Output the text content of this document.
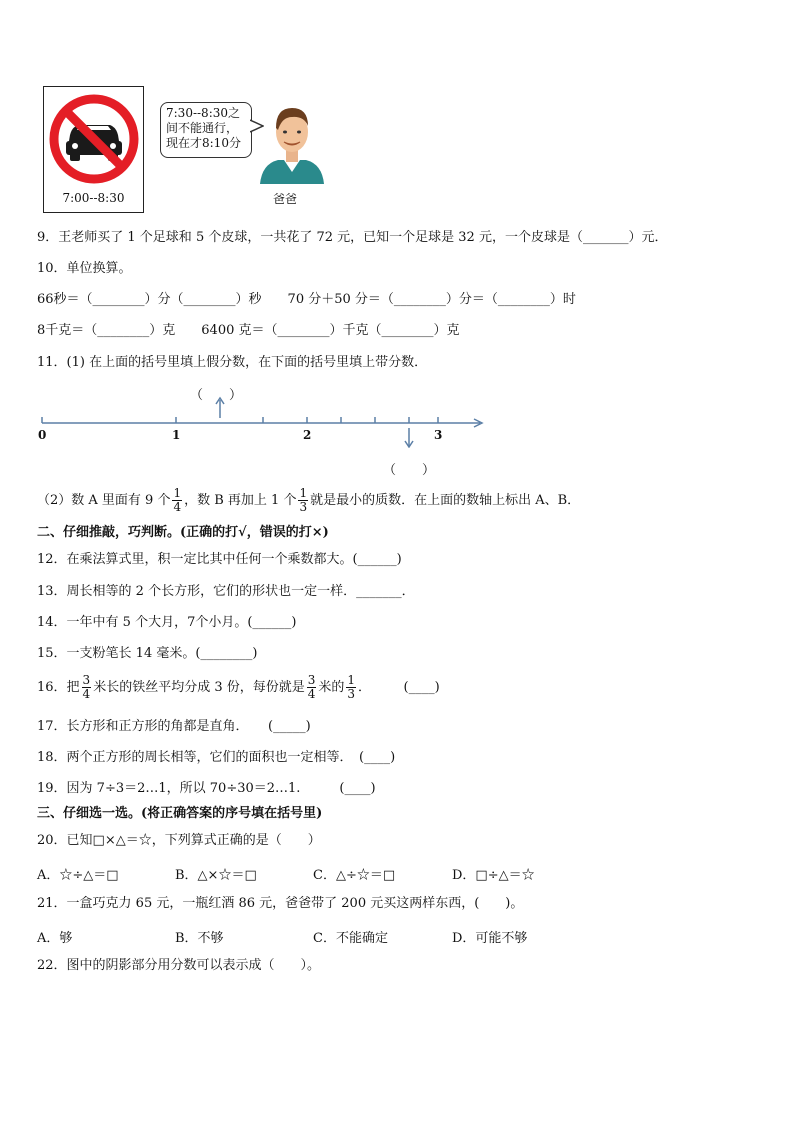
7:00--8:30
7:30--8:30之
间不能通行，
现在才8:10分
爸爸
9．王老师买了 1 个足球和 5 个皮球，一共花了 72 元，已知一个足球是 32 元，一个皮球是（_______）元．
10．单位换算。
66秒＝（________）分（________）秒　　70 分＋50 分＝（________）分＝（________）时
8千克＝（________）克　　6400 克＝（________）千克（________）克
11．(1) 在上面的括号里填上假分数，在下面的括号里填上带分数．
（　　）
0	1	2	3
（　　）
（2）数 A 里面有 9 个 $\frac{1}{4}$ ，数 B 再加上 1 个 $\frac{1}{3}$ 就是最小的质数．在上面的数轴上标出 A、B．
二、仔细推敲，巧判断。(正确的打√，错误的打×)
12．在乘法算式里，积一定比其中任何一个乘数都大。(______)
13．周长相等的 2 个长方形，它们的形状也一定一样．_______．
14．一年中有 5 个大月，7个小月。(______)
15．一支粉笔长 14 毫米。(________)
16．把 $\frac{3}{4}$ 米长的铁丝平均分成 3 份，每份就是 $\frac{3}{4}$ 米的 $\frac{1}{3}$ ．　　　(____)
17．长方形和正方形的角都是直角．　　(_____)
18．两个正方形的周长相等，它们的面积也一定相等．　(____)
19．因为 7÷3＝2…1，所以 70÷30＝2…1.　　　(____)
三、仔细选一选。(将正确答案的序号填在括号里)
20．已知□×△＝☆，下列算式正确的是（　　）
A．☆÷△＝□	B．△×☆＝□	C．△÷☆＝□	D．□÷△＝☆
21．一盒巧克力 65 元，一瓶红酒 86 元，爸爸带了 200 元买这两样东西，(　　)。
A．够	B．不够	C．不能确定	D．可能不够
22．图中的阴影部分用分数可以表示成（　　）。
